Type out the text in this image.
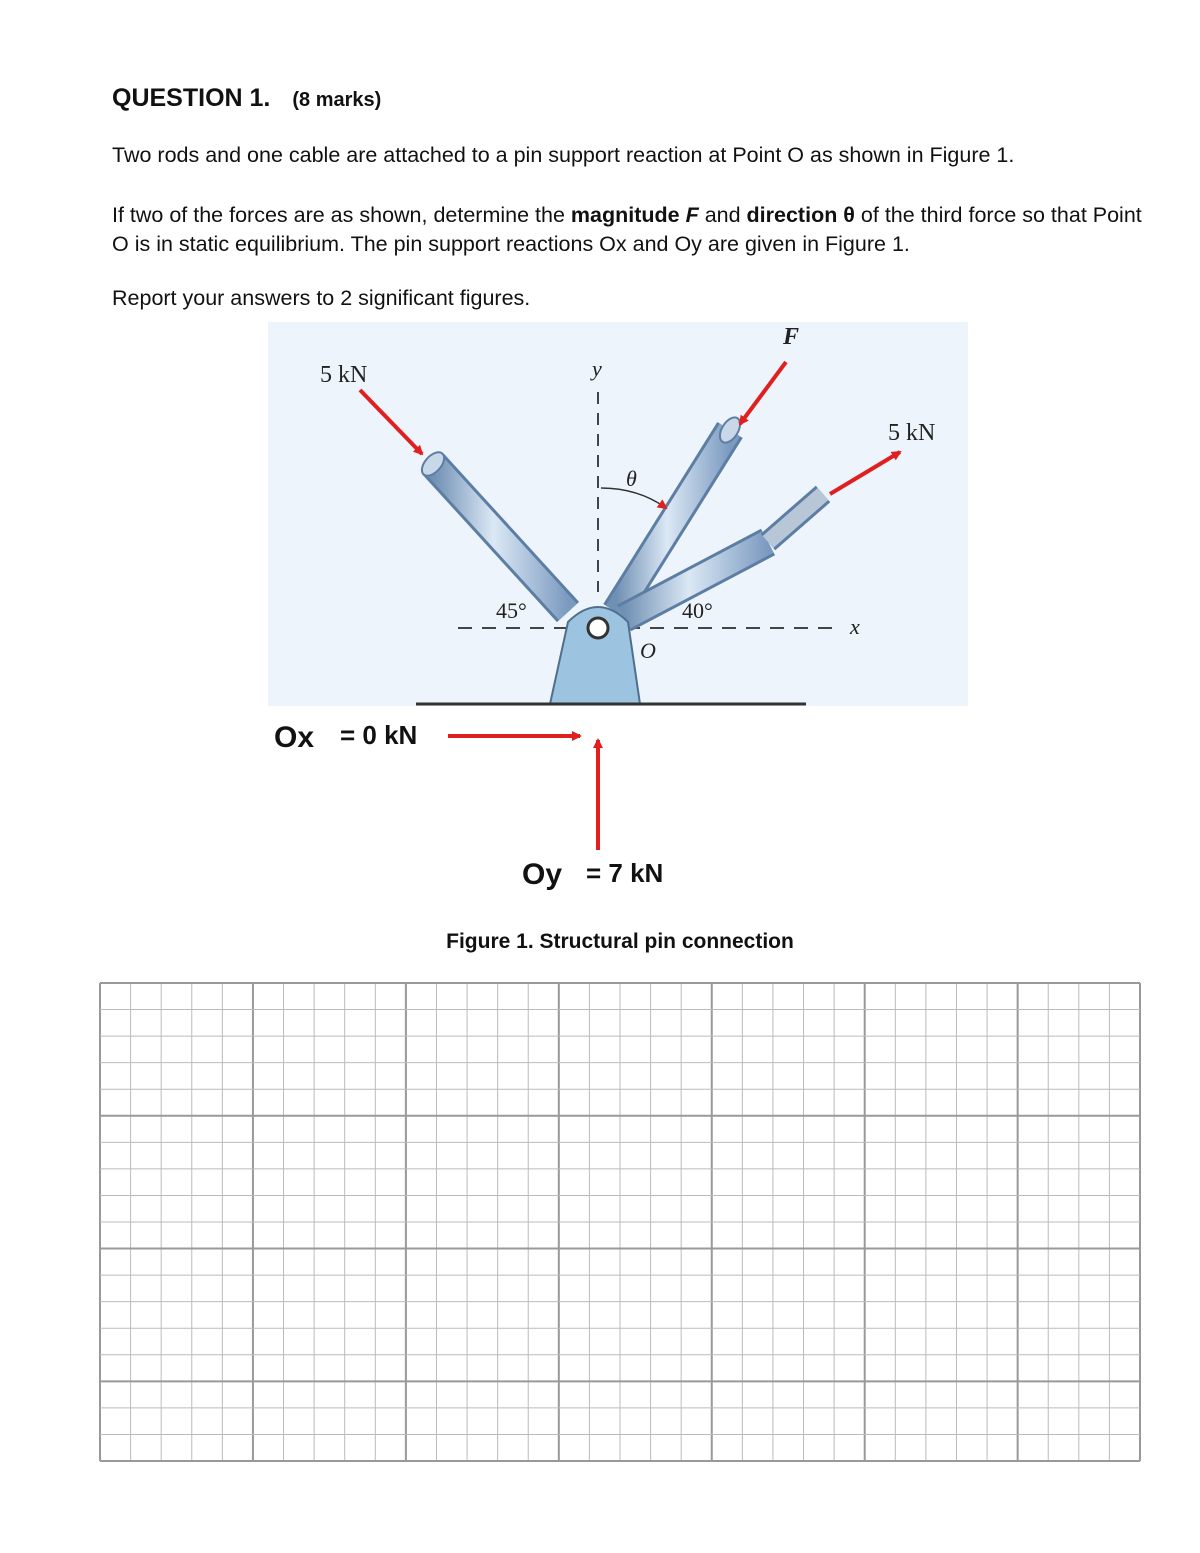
QUESTION 1. (8 marks)
Two rods and one cable are attached to a pin support reaction at Point O as shown in Figure 1.
If two of the forces are as shown, determine the magnitude F and direction θ of the third force so that Point O is in static equilibrium. The pin support reactions Ox and Oy are given in Figure 1.
Report your answers to 2 significant figures.
5 kN	y
F
5 kN
θ
45°	40°
O
x
Ox = 0 kN
Oy = 7 kN
Figure 1. Structural pin connection
